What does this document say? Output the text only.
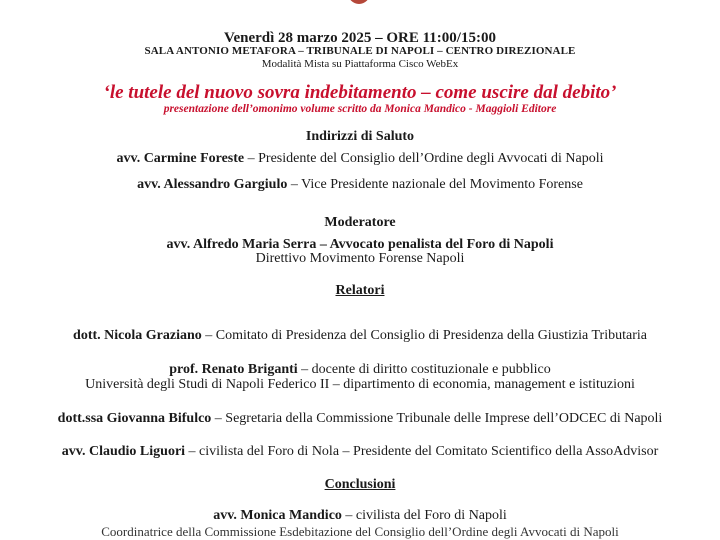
Venerdì 28 marzo 2025 – ORE 11:00/15:00
SALA ANTONIO METAFORA – TRIBUNALE DI NAPOLI – CENTRO DIREZIONALE
Modalità Mista su Piattaforma Cisco WebEx
‘le tutele del nuovo sovra indebitamento – come uscire dal debito’
presentazione dell’omonimo volume scritto da Monica Mandico - Maggioli Editore
Indirizzi di Saluto
avv. Carmine Foreste – Presidente del Consiglio dell’Ordine degli Avvocati di Napoli
avv. Alessandro Gargiulo – Vice Presidente nazionale del Movimento Forense
Moderatore
avv. Alfredo Maria Serra – Avvocato penalista del Foro di Napoli
Direttivo Movimento Forense Napoli
Relatori
dott. Nicola Graziano – Comitato di Presidenza del Consiglio di Presidenza della Giustizia Tributaria
prof. Renato Briganti – docente di diritto costituzionale e pubblico
Università degli Studi di Napoli Federico II – dipartimento di economia, management e istituzioni
dott.ssa Giovanna Bifulco – Segretaria della Commissione Tribunale delle Imprese dell’ODCEC di Napoli
avv. Claudio Liguori – civilista del Foro di Nola – Presidente del Comitato Scientifico della AssoAdvisor
Conclusioni
avv. Monica Mandico – civilista del Foro di Napoli
Coordinatrice della Commissione Esdebitazione del Consiglio dell’Ordine degli Avvocati di Napoli
